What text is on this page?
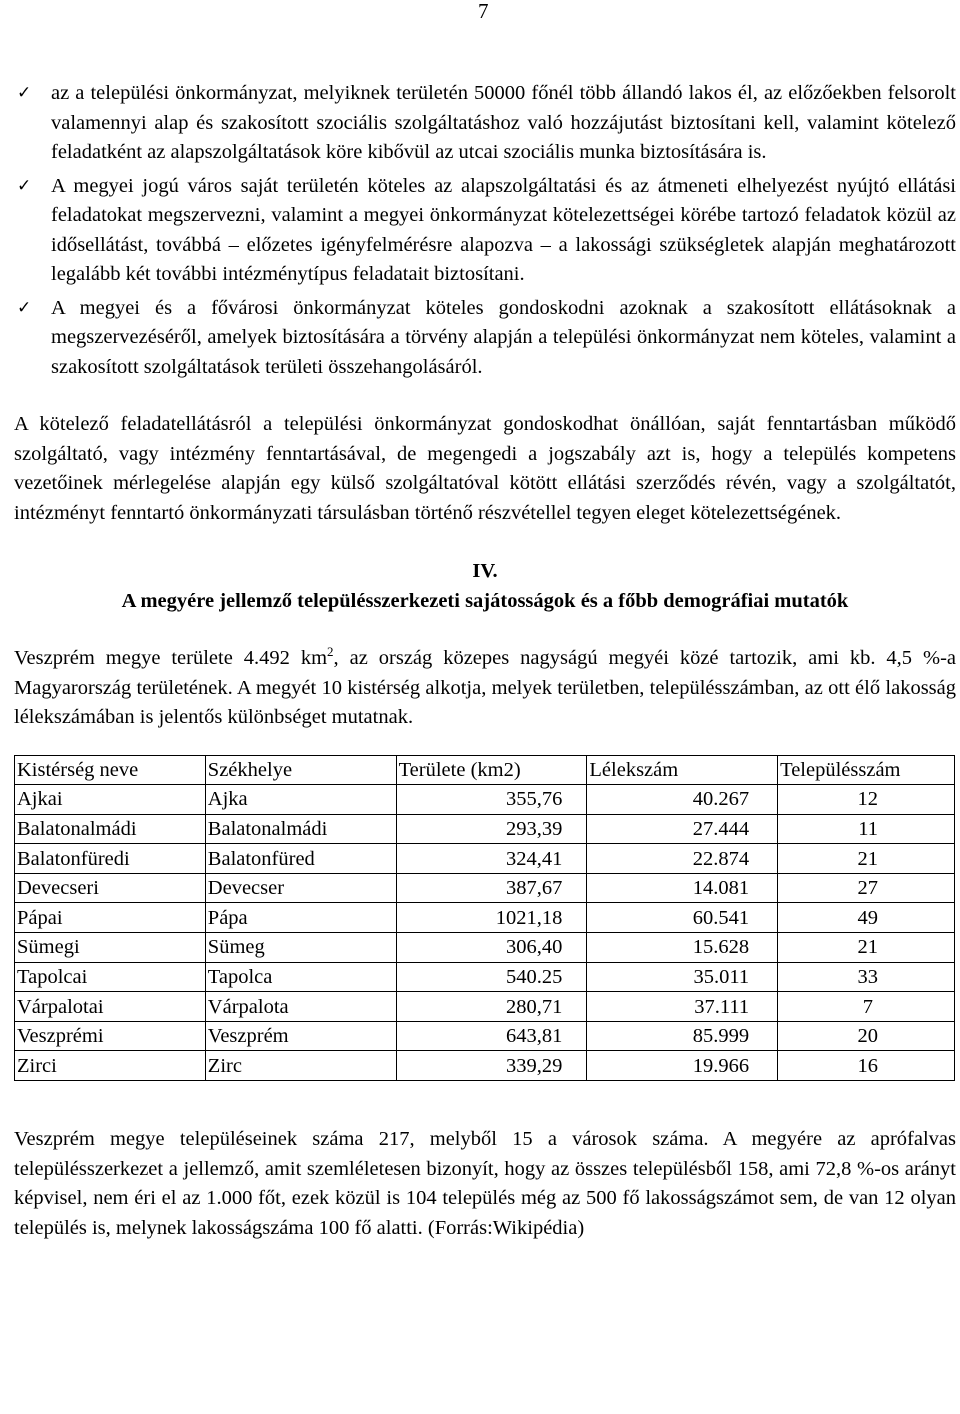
7
✓ az a települési önkormányzat, melyiknek területén 50000 főnél több állandó lakos él, az előzőekben felsorolt valamennyi alap és szakosított szociális szolgáltatáshoz való hozzájutást biztosítani kell, valamint kötelező feladatként az alapszolgáltatások köre kibővül az utcai szociális munka biztosítására is.
✓ A megyei jogú város saját területén köteles az alapszolgáltatási és az átmeneti elhelyezést nyújtó ellátási feladatokat megszervezni, valamint a megyei önkormányzat kötelezettségei körébe tartozó feladatok közül az idősellátást, továbbá – előzetes igényfelmérésre alapozva – a lakossági szükségletek alapján meghatározott legalább két további intézménytípus feladatait biztosítani.
✓ A megyei és a fővárosi önkormányzat köteles gondoskodni azoknak a szakosított ellátásoknak a megszervezéséről, amelyek biztosítására a törvény alapján a települési önkormányzat nem köteles, valamint a szakosított szolgáltatások területi összehangolásáról.

A kötelező feladatellátásról a települési önkormányzat gondoskodhat önállóan, saját fenntartásban működő szolgáltató, vagy intézmény fenntartásával, de megengedi a jogszabály azt is, hogy a település kompetens vezetőinek mérlegelése alapján egy külső szolgáltatóval kötött ellátási szerződés révén, vagy a szolgáltatót, intézményt fenntartó önkormányzati társulásban történő részvétellel tegyen eleget kötelezettségének.

IV.
A megyére jellemző településszerkezeti sajátosságok és a főbb demográfiai mutatók

Veszprém megye területe 4.492 $km^2$, az ország közepes nagyságú megyéi közé tartozik, ami kb. 4,5 %-a Magyarország területének. A megyét 10 kistérség alkotja, melyek területben, településszámban, az ott élő lakosság lélekszámában is jelentős különbséget mutatnak.

Kistérség neve	Székhelye	Területe (km2)	Lélekszám	Településszám
Ajkai	Ajka	355,76	40.267	12
Balatonalmádi	Balatonalmádi	293,39	27.444	11
Balatonfüredi	Balatonfüred	324,41	22.874	21
Devecseri	Devecser	387,67	14.081	27
Pápai	Pápa	1021,18	60.541	49
Sümegi	Sümeg	306,40	15.628	21
Tapolcai	Tapolca	540.25	35.011	33
Várpalotai	Várpalota	280,71	37.111	7
Veszprémi	Veszprém	643,81	85.999	20
Zirci	Zirc	339,29	19.966	16

Veszprém megye településeinek száma 217, melyből 15 a városok száma. A megyére az aprófalvas településszerkezet a jellemző, amit szemléletesen bizonyít, hogy az összes településből 158, ami 72,8 %-os arányt képvisel, nem éri el az 1.000 főt, ezek közül is 104 település még az 500 fő lakosságszámot sem, de van 12 olyan település is, melynek lakosságszáma 100 fő alatti. (Forrás:Wikipédia)
